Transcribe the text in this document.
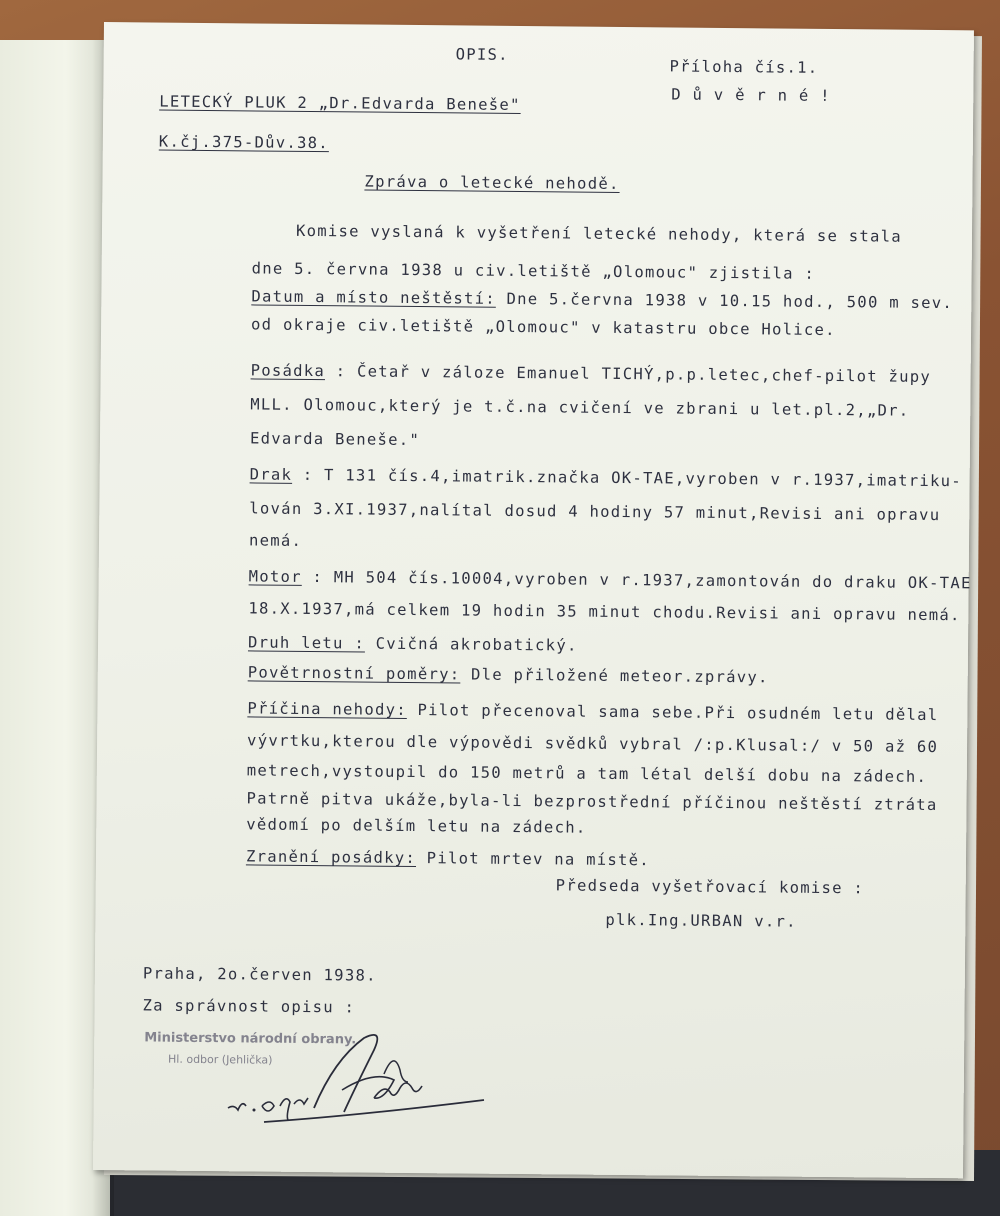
OPIS.
Příloha čís.1.
D ů v ě r n é !
LETECKÝ PLUK 2 „Dr.Edvarda Beneše"
K.čj.375-Dův.38.
Zpráva o letecké nehodě.
Komise vyslaná k vyšetření letecké nehody, která se stala
dne 5. června 1938 u civ.letiště „Olomouc" zjistila :
Datum a místo neštěstí: Dne 5.června 1938 v 10.15 hod., 500 m sev.
od okraje civ.letiště „Olomouc" v katastru obce Holice.
Posádka : Četař v záloze Emanuel TICHÝ,p.p.letec,chef-pilot župy
MLL. Olomouc,který je t.č.na cvičení ve zbrani u let.pl.2,„Dr.
Edvarda Beneše."
Drak : T 131 čís.4,imatrik.značka OK-TAE,vyroben v r.1937,imatriku-
lován 3.XI.1937,nalítal dosud 4 hodiny 57 minut,Revisi ani opravu
nemá.
Motor : MH 504 čís.10004,vyroben v r.1937,zamontován do draku OK-TAE
18.X.1937,má celkem 19 hodin 35 minut chodu.Revisi ani opravu nemá.
Druh letu : Cvičná akrobatický.
Povětrnostní poměry: Dle přiložené meteor.zprávy.
Příčina nehody: Pilot přecenoval sama sebe.Při osudném letu dělal
vývrtku,kterou dle výpovědi svědků vybral /:p.Klusal:/ v 50 až 60
metrech,vystoupil do 150 metrů a tam létal delší dobu na zádech.
Patrně pitva ukáže,byla-li bezprostřední příčinou neštěstí ztráta
vědomí po delším letu na zádech.
Zranění posádky: Pilot mrtev na místě.
Předseda vyšetřovací komise :
plk.Ing.URBAN v.r.
Praha, 2o.červen 1938.
Za správnost opisu :
Ministerstvo národní obrany.
Hl. odbor (Jehlička)
